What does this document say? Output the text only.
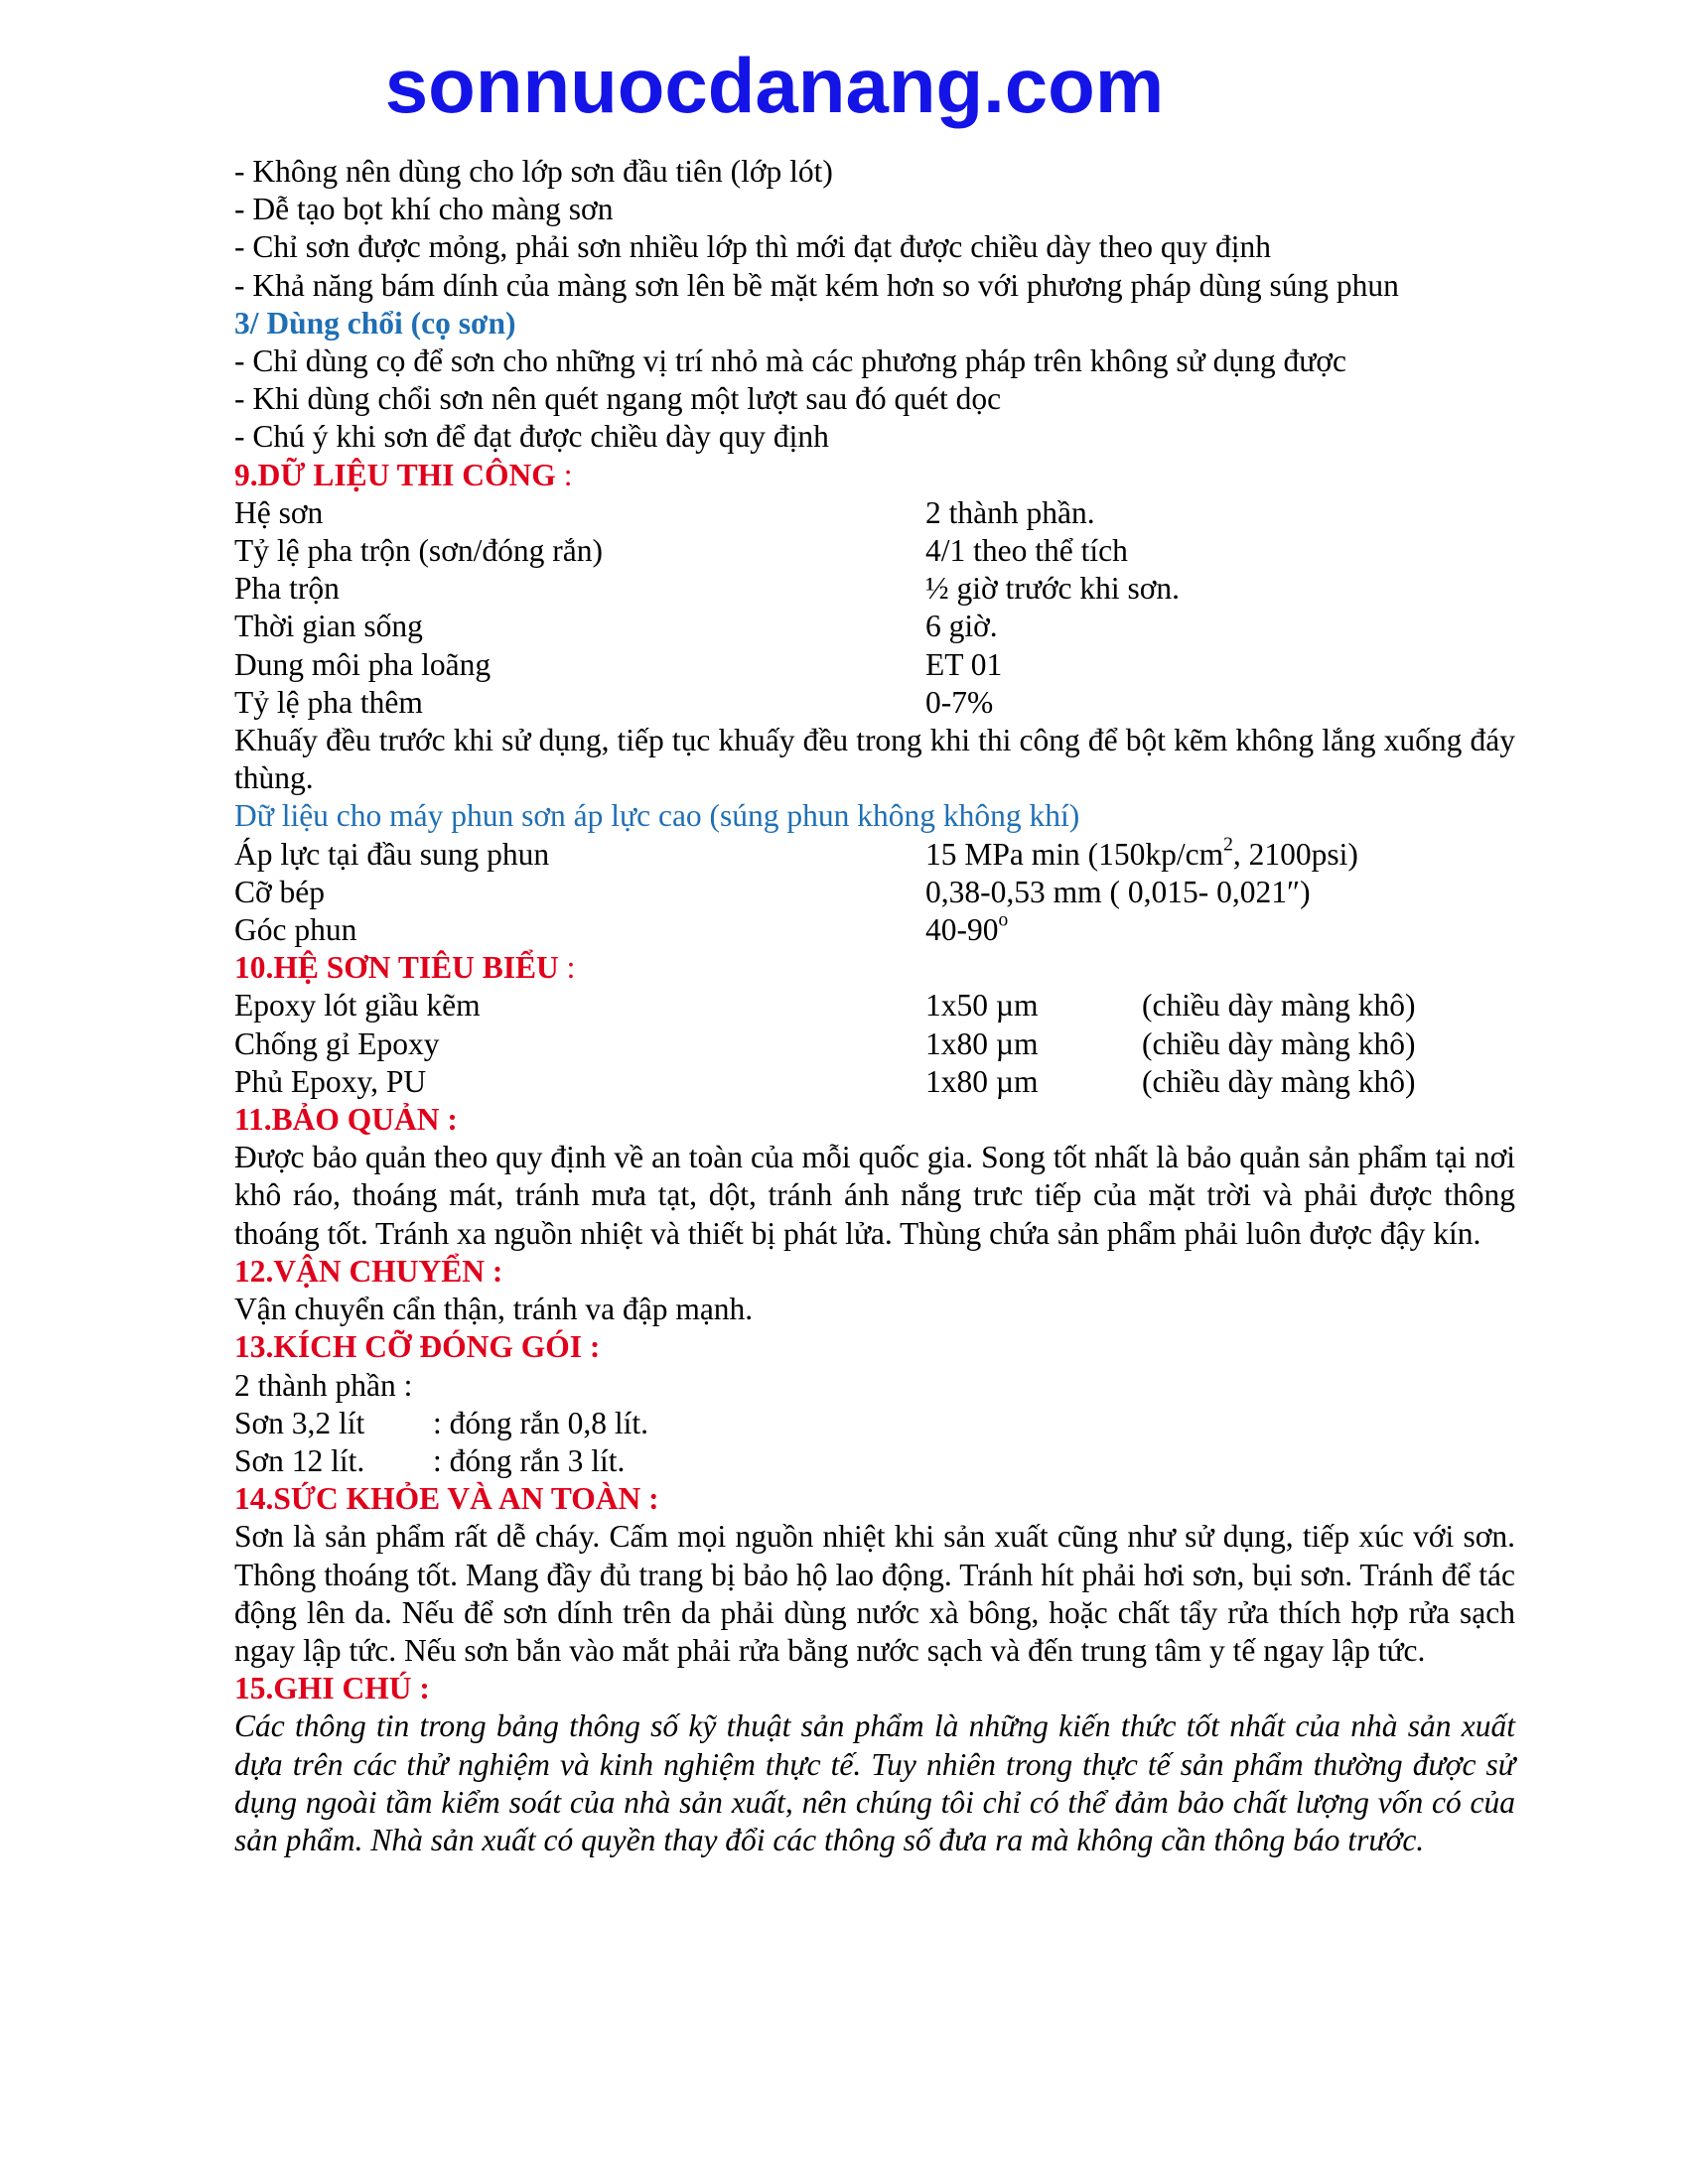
sonnuocdanang.com
- Không nên dùng cho lớp sơn đầu tiên (lớp lót)
- Dễ tạo bọt khí cho màng sơn
- Chỉ sơn được mỏng, phải sơn nhiều lớp thì mới đạt được chiều dày theo quy định
- Khả năng bám dính của màng sơn lên bề mặt kém hơn so với phương pháp dùng súng phun
3/ Dùng chổi (cọ sơn)
- Chỉ dùng cọ để sơn cho những vị trí nhỏ mà các phương pháp trên không sử dụng được
- Khi dùng chổi sơn nên quét ngang một lượt sau đó quét dọc
- Chú ý khi sơn để đạt được chiều dày quy định
9.DỮ LIỆU THI CÔNG :
Hệ sơn	2 thành phần.
Tỷ lệ pha trộn (sơn/đóng rắn)	4/1 theo thể tích
Pha trộn	½ giờ trước khi sơn.
Thời gian sống	6 giờ.
Dung môi pha loãng	ET 01
Tỷ lệ pha thêm	0-7%
Khuấy đều trước khi sử dụng, tiếp tục khuấy đều trong khi thi công để bột kẽm không lắng xuống đáy thùng.
Dữ liệu cho máy phun sơn áp lực cao (súng phun không không khí)
Áp lực tại đầu sung phun	15 MPa $\min (150kp/cm^2$, 2100psi)
Cỡ bép	0,38-0,53 mm ( 0,015- 0,021″)
Góc phun	40-90$^o$
10.HỆ SƠN TIÊU BIỂU :
Epoxy lót giầu kẽm	1x50 µm	(chiều dày màng khô)
Chống gỉ Epoxy	1x80 µm	(chiều dày màng khô)
Phủ Epoxy, PU	1x80 µm	(chiều dày màng khô)
11.BẢO QUẢN :
Được bảo quản theo quy định về an toàn của mỗi quốc gia. Song tốt nhất là bảo quản sản phẩm tại nơi khô ráo, thoáng mát, tránh mưa tạt, dột, tránh ánh nắng trưc tiếp của mặt trời và phải được thông thoáng tốt. Tránh xa nguồn nhiệt và thiết bị phát lửa. Thùng chứa sản phẩm phải luôn được đậy kín.
12.VẬN CHUYỂN :
Vận chuyển cẩn thận, tránh va đập mạnh.
13.KÍCH CỠ ĐÓNG GÓI :
2 thành phần :
Sơn 3,2 lít : đóng rắn 0,8 lít.
Sơn 12 lít. : đóng rắn 3 lít.
14.SỨC KHỎE VÀ AN TOÀN :
Sơn là sản phẩm rất dễ cháy. Cấm mọi nguồn nhiệt khi sản xuất cũng như sử dụng, tiếp xúc với sơn. Thông thoáng tốt. Mang đầy đủ trang bị bảo hộ lao động. Tránh hít phải hơi sơn, bụi sơn. Tránh để tác động lên da. Nếu để sơn dính trên da phải dùng nước xà bông, hoặc chất tẩy rửa thích hợp rửa sạch ngay lập tức. Nếu sơn bắn vào mắt phải rửa bằng nước sạch và đến trung tâm y tế ngay lập tức.
15.GHI CHÚ :
Các thông tin trong bảng thông số kỹ thuật sản phẩm là những kiến thức tốt nhất của nhà sản xuất dựa trên các thử nghiệm và kinh nghiệm thực tế. Tuy nhiên trong thực tế sản phẩm thường được sử dụng ngoài tầm kiểm soát của nhà sản xuất, nên chúng tôi chỉ có thể đảm bảo chất lượng vốn có của sản phẩm. Nhà sản xuất có quyền thay đổi các thông số đưa ra mà không cần thông báo trước.
